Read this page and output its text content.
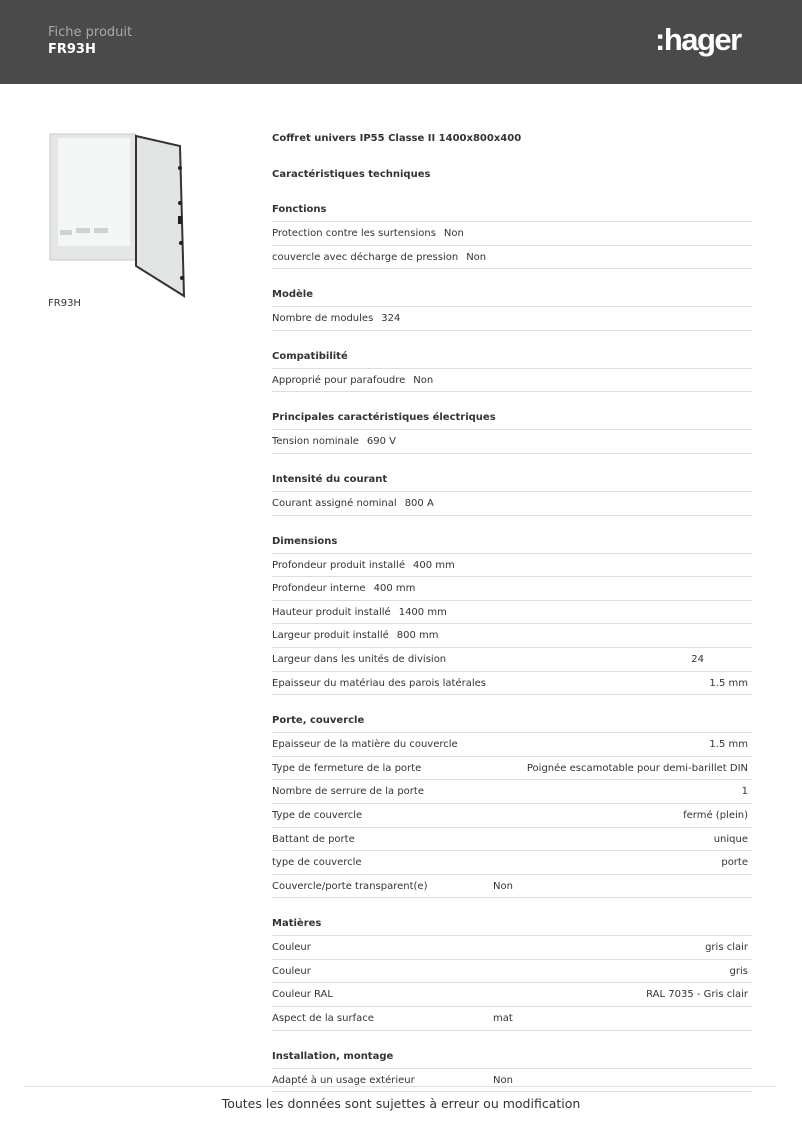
Fiche produit
FR93H	:hager
FR93H
Coffret univers IP55 Classe II 1400x800x400
Caractéristiques techniques
Fonctions
Protection contre les surtensions Non
couvercle avec décharge de pression Non
Modèle
Nombre de modules 324
Compatibilité
Approprié pour parafoudre Non
Principales caractéristiques électriques
Tension nominale 690 V
Intensité du courant
Courant assigné nominal 800 A
Dimensions
Profondeur produit installé 400 mm
Profondeur interne 400 mm
Hauteur produit installé 1400 mm
Largeur produit installé 800 mm
Largeur dans les unités de division	24
Epaisseur du matériau des parois latérales	1.5 mm
Porte, couvercle
Epaisseur de la matière du couvercle	1.5 mm
Type de fermeture de la porte	Poignée escamotable pour demi-barillet DIN
Nombre de serrure de la porte	1
Type de couvercle	fermé (plein)
Battant de porte	unique
type de couvercle	porte
Couvercle/porte transparent(e)	Non
Matières
Couleur	gris clair
Couleur	gris
Couleur RAL	RAL 7035 - Gris clair
Aspect de la surface	mat
Installation, montage
Adapté à un usage extérieur	Non
Toutes les données sont sujettes à erreur ou modification
